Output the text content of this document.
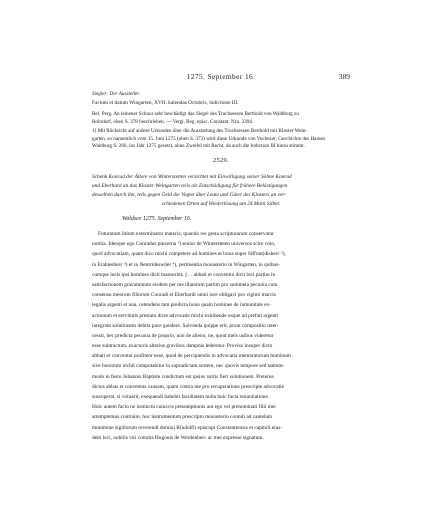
1275. September 16.	389
Siegler: Der Aussteller.
Factum et datum Wingarten, XVII. kalendas Octobris, indictione III.
Rel. Perg. An leinener Schnur sehr beschädigt das Siegel des Truchsessen Berthold von Waldburg zu
Rohrdorf, oben S. 378 beschrieben. — Vergl. Reg. episc. Constant. Nro. 2394.
1) Mit Rücksicht auf andere Urkunden über die Ausstattung des Truchsessen Berthold mit Kloster Wein-
garten, so namentlich vom 15. Juni 1275 (oben S. 373) wird diese Urkunde von Vochezer, Geschichte des Hauses
Waldburg S. 260, ins Jahr 1275 gesetzt, ohne Zweifel mit Recht, da auch die Indiction III hiezu stimmt.
2529.
Schenk Konrad der Ältere von Winterstetten verzichtet mit Einwilligung seiner Söhne Konrad
und Eberhard an das Kloster Weingarten teils als Entschädigung für frühere Belästigungen
desselben durch ihn, teils gegen Geld die Vogtei über Leute und Güter des Klosters an ver-
schiedenen Orten auf Wiederlösung um 24 Mark Silber.
Waldsee 1275. September 16.
Futurarum litium exterminator materia, quando res gesta scripturarum conservatur
notitia. Ideoque ego Conradus pincerna ¹) senior de Wintersteten universos scire volo,
quod advocatiam, quam dico michi competere ad homines et bona super Siffran(disberc ²),
in Erahtesberc ³) et in Nentrideswiler ⁴), pertinentia monasterio in Wingarten, in quibus-
cumque locis ipsi homines dicti manserint, || . . abbati et conventui dicti loci partim in
satisfactionem gravaminum eisdem per me illatorum partim pro summeta pecunia cum
consensu meorum filiorum Conradi et Eberhardi omni iure obligavi pro viginti marcis
legalis argenti et una, ostendens tam predicta bona quam homines de inmunitate ex-
actionum et servitutis prestatu dicte advocatie michi exhibende usque ad prefati argenti
integram solutionem debita pace gaudere. Solvenda quippe erit, prout compositio inter-
cessit, hec predicta pecunia de proprio, non de alieno, ne, quod meis usibus videretur
esse subtractum, exactoris alterius gravibus dampnis lederetur. Proviso insuper dicto
abbati et conventui profiteor esse, quod de percipiendis in advocatia memoratorum hominum
sive bonorum nichil computabitur in supradictam sortem, nec quovis tempore sed tantum-
modo in festo Johannis Baptiste condictum est ipsius sortis fieri solutionem. Preterea
dictus abbas et conventus causam, quam contra me pro recuperatione prescripte advocatie
susceperat, si voluerit, exequendi habebit facultatem nulla huic facta renuntiatione.
Huic autem facto ne instinctu cuiusvis presumptionis aut ego vel prenominati filii mei
attemptemus contraire, hoc instrumentum prescripto monasterio contuli ad cautelam
munimine sigillorum reverendi domini R(udolfi) episcopi Constantiensis et capituli eius-
dem loci, nobilis viri comitis Hugonis de Werdenberc ac mei expresse signatum.
